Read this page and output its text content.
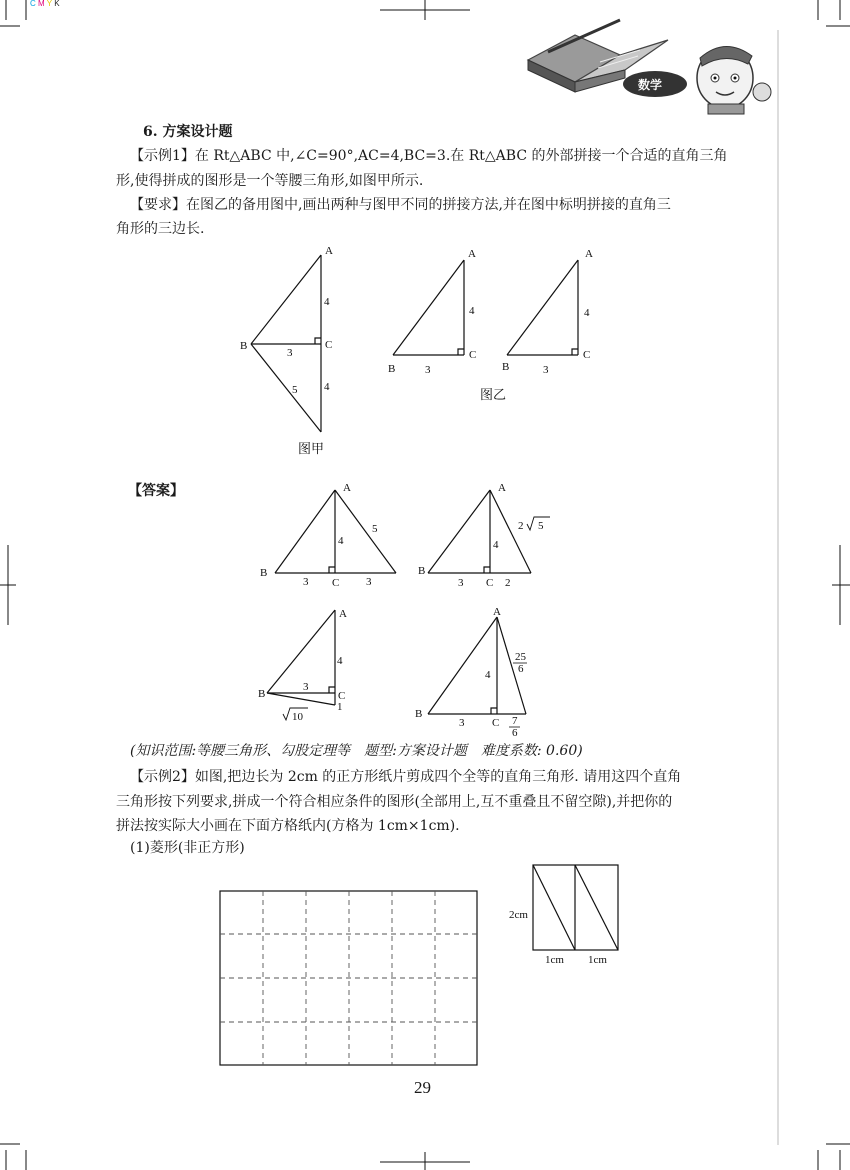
C M Y K
数学
A
B	C
3
4
4
5
图甲
A
B
C
3
4
A
B
C
3
4
图乙
A
B
C
3	3
4
5
A
B
C
3	2
4
2 5
A
B	C
3
4
1
10
A
B
C
3
4
25
6
7
6
2cm
1cm 1cm
6. 方案设计题
【示例1】在 Rt△ABC 中,∠C=90°,AC=4,BC=3.在 Rt△ABC 的外部拼接一个合适的直角三角
形,使得拼成的图形是一个等腰三角形,如图甲所示.
【要求】在图乙的备用图中,画出两种与图甲不同的拼接方法,并在图中标明拼接的直角三
角形的三边长.
【答案】
(知识范围:等腰三角形、勾股定理等　题型:方案设计题　难度系数: 0.60)
【示例2】如图,把边长为 2cm 的正方形纸片剪成四个全等的直角三角形. 请用这四个直角
三角形按下列要求,拼成一个符合相应条件的图形(全部用上,互不重叠且不留空隙),并把你的
拼法按实际大小画在下面方格纸内(方格为 1cm×1cm).
(1)菱形(非正方形)
29
